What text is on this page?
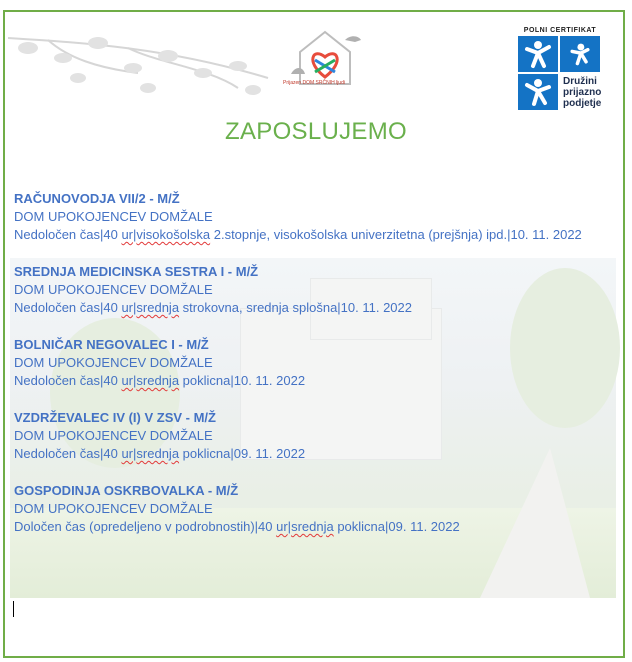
Prijazen DOM SRČNIH ljudi
POLNI CERTIFIKAT
Družini
prijazno
podjetje
ZAPOSLUJEMO
RAČUNOVODJA VII/2 - M/Ž
DOM UPOKOJENCEV DOMŽALE
Nedoločen čas|40 ur|visokošolska 2.stopnje, visokošolska univerzitetna (prejšnja) ipd.|10. 11. 2022
SREDNJA MEDICINSKA SESTRA I - M/Ž
DOM UPOKOJENCEV DOMŽALE
Nedoločen čas|40 ur|srednja strokovna, srednja splošna|10. 11. 2022
BOLNIČAR NEGOVALEC I - M/Ž
DOM UPOKOJENCEV DOMŽALE
Nedoločen čas|40 ur|srednja poklicna|10. 11. 2022
VZDRŽEVALEC IV (I) V ZSV - M/Ž
DOM UPOKOJENCEV DOMŽALE
Nedoločen čas|40 ur|srednja poklicna|09. 11. 2022
GOSPODINJA OSKRBOVALKA - M/Ž
DOM UPOKOJENCEV DOMŽALE
Določen čas (opredeljeno v podrobnostih)|40 ur|srednja poklicna|09. 11. 2022
